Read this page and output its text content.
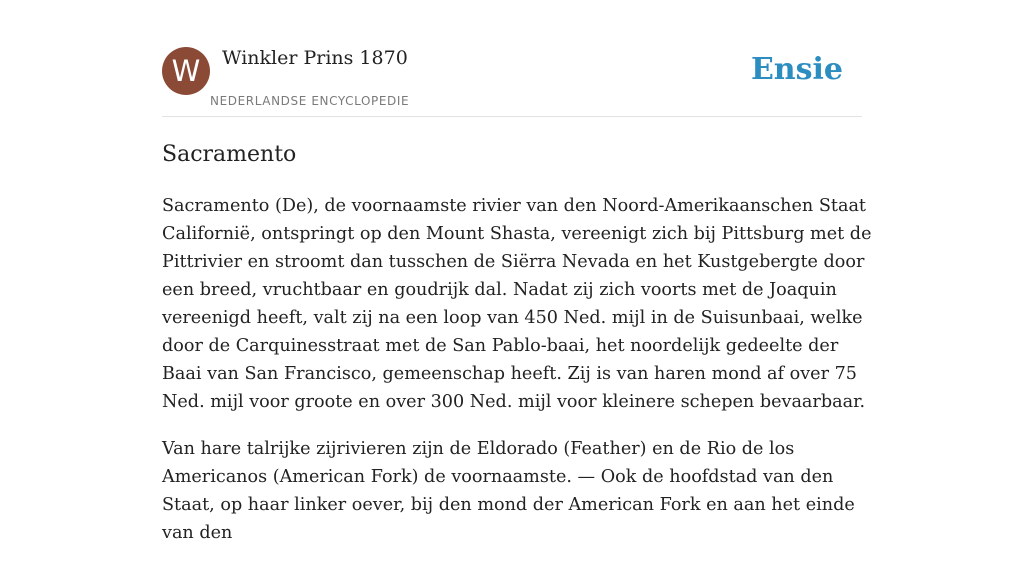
W	Winkler Prins 1870
NEDERLANDSE ENCYCLOPEDIE
Ensie
Sacramento

Sacramento (De), de voornaamste rivier van den Noord-Amerikaanschen Staat Californië, ontspringt op den Mount Shasta, vereenigt zich bij Pittsburg met de Pittrivier en stroomt dan tusschen de Siërra Nevada en het Kustgebergte door een breed, vruchtbaar en goudrijk dal. Nadat zij zich voorts met de Joaquin vereenigd heeft, valt zij na een loop van 450 Ned. mijl in de Suisunbaai, welke door de Carquinesstraat met de San Pablo-baai, het noordelijk gedeelte der Baai van San Francisco, gemeenschap heeft. Zij is van haren mond af over 75 Ned. mijl voor groote en over 300 Ned. mijl voor kleinere schepen bevaarbaar.

Van hare talrijke zijrivieren zijn de Eldorado (Feather) en de Rio de los Americanos (American Fork) de voornaamste. — Ook de hoofdstad van den Staat, op haar linker oever, bij den mond der American Fork en aan het einde van den
